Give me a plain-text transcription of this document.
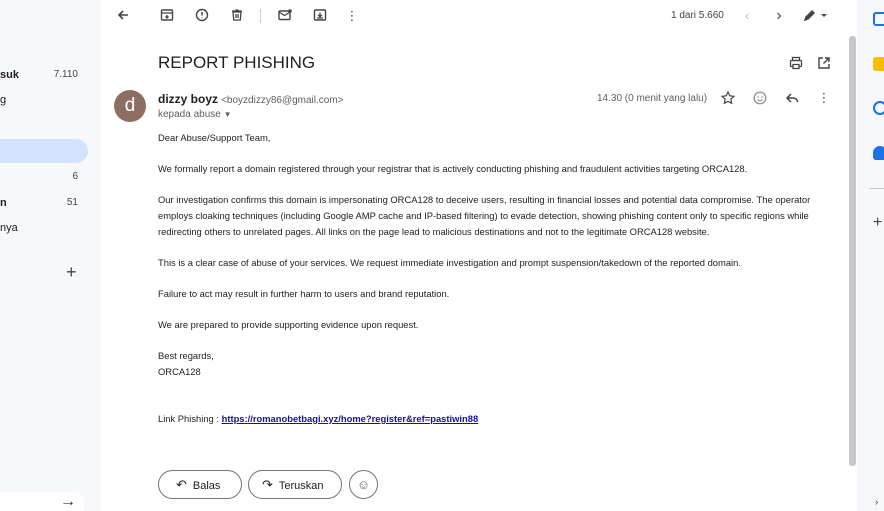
suk	7.110
g
6
n	51
nya
+
→
⋮	1 dari 5.660	‹	›
REPORT PHISHING
d	dizzy boyz <boyzdizzy86@gmail.com>
kepada abuse ▼
14.30 (0 menit yang lalu)	⋮

Dear Abuse/Support Team,

We formally report a domain registered through your registrar that is actively conducting phishing and fraudulent activities targeting ORCA128.

Our investigation confirms this domain is impersonating ORCA128 to deceive users, resulting in financial losses and potential data compromise. The operator employs cloaking techniques (including Google AMP cache and IP-based filtering) to evade detection, showing phishing content only to specific regions while redirecting others to unrelated pages. All links on the page lead to malicious destinations and not to the legitimate ORCA128 website.

This is a clear case of abuse of your services. We request immediate investigation and prompt suspension/takedown of the reported domain.

Failure to act may result in further harm to users and brand reputation.

We are prepared to provide supporting evidence upon request.

Best regards,
ORCA128
Link Phishing : https://romanobetbagi.xyz/home?register&ref=pastiwin88
↶ Balas	↷ Teruskan	☺
+
›
